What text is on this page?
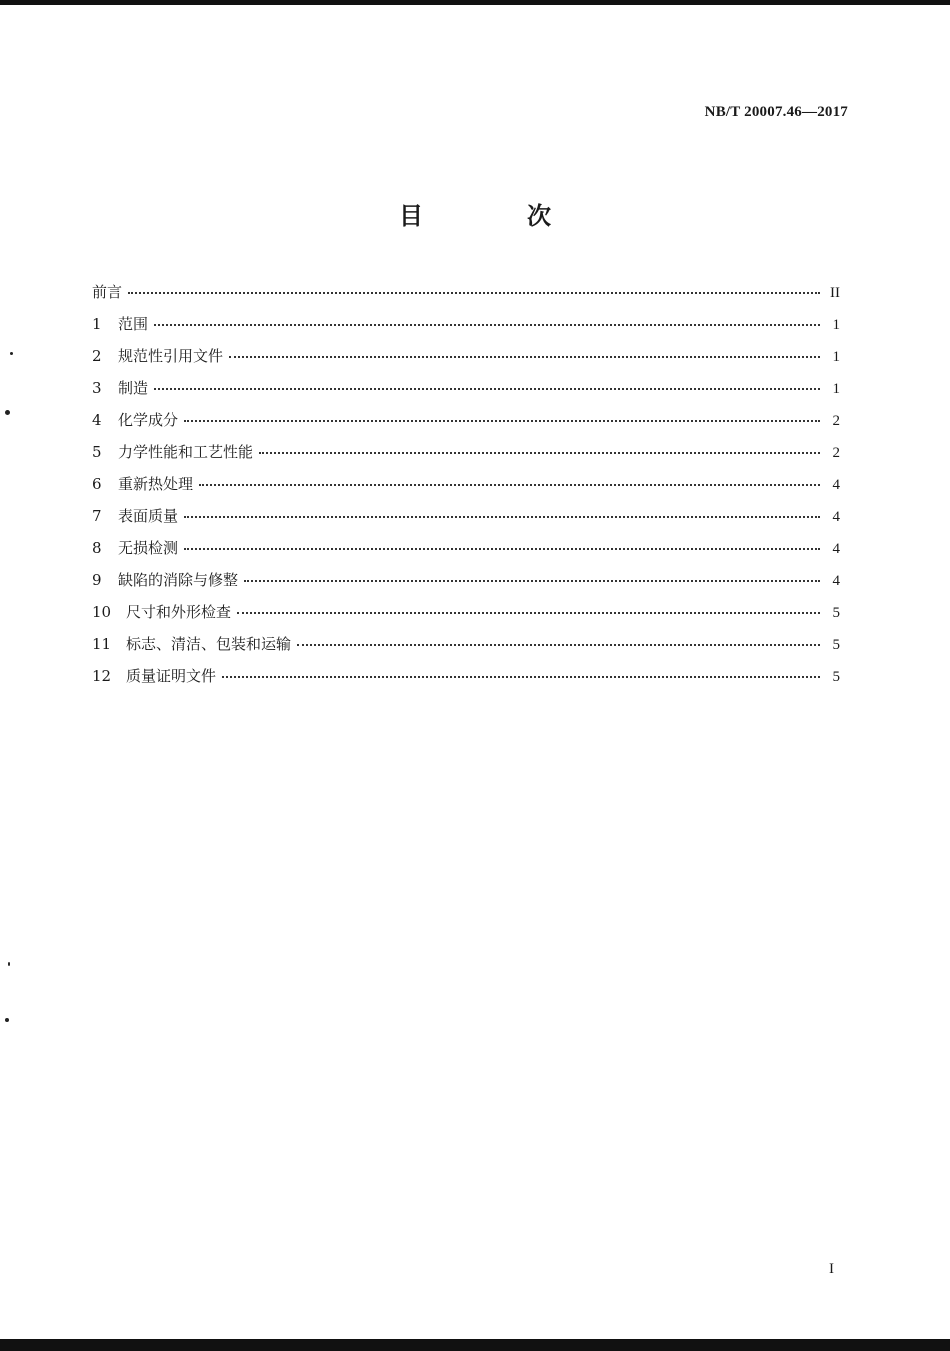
NB/T 20007.46—2017
目　次
前言	II
1	范围	1
2	规范性引用文件	1
3	制造	1
4	化学成分	2
5	力学性能和工艺性能	2
6	重新热处理	4
7	表面质量	4
8	无损检测	4
9	缺陷的消除与修整	4
10 尺寸和外形检查	5
11 标志、清洁、包装和运输	5
12 质量证明文件	5
I
